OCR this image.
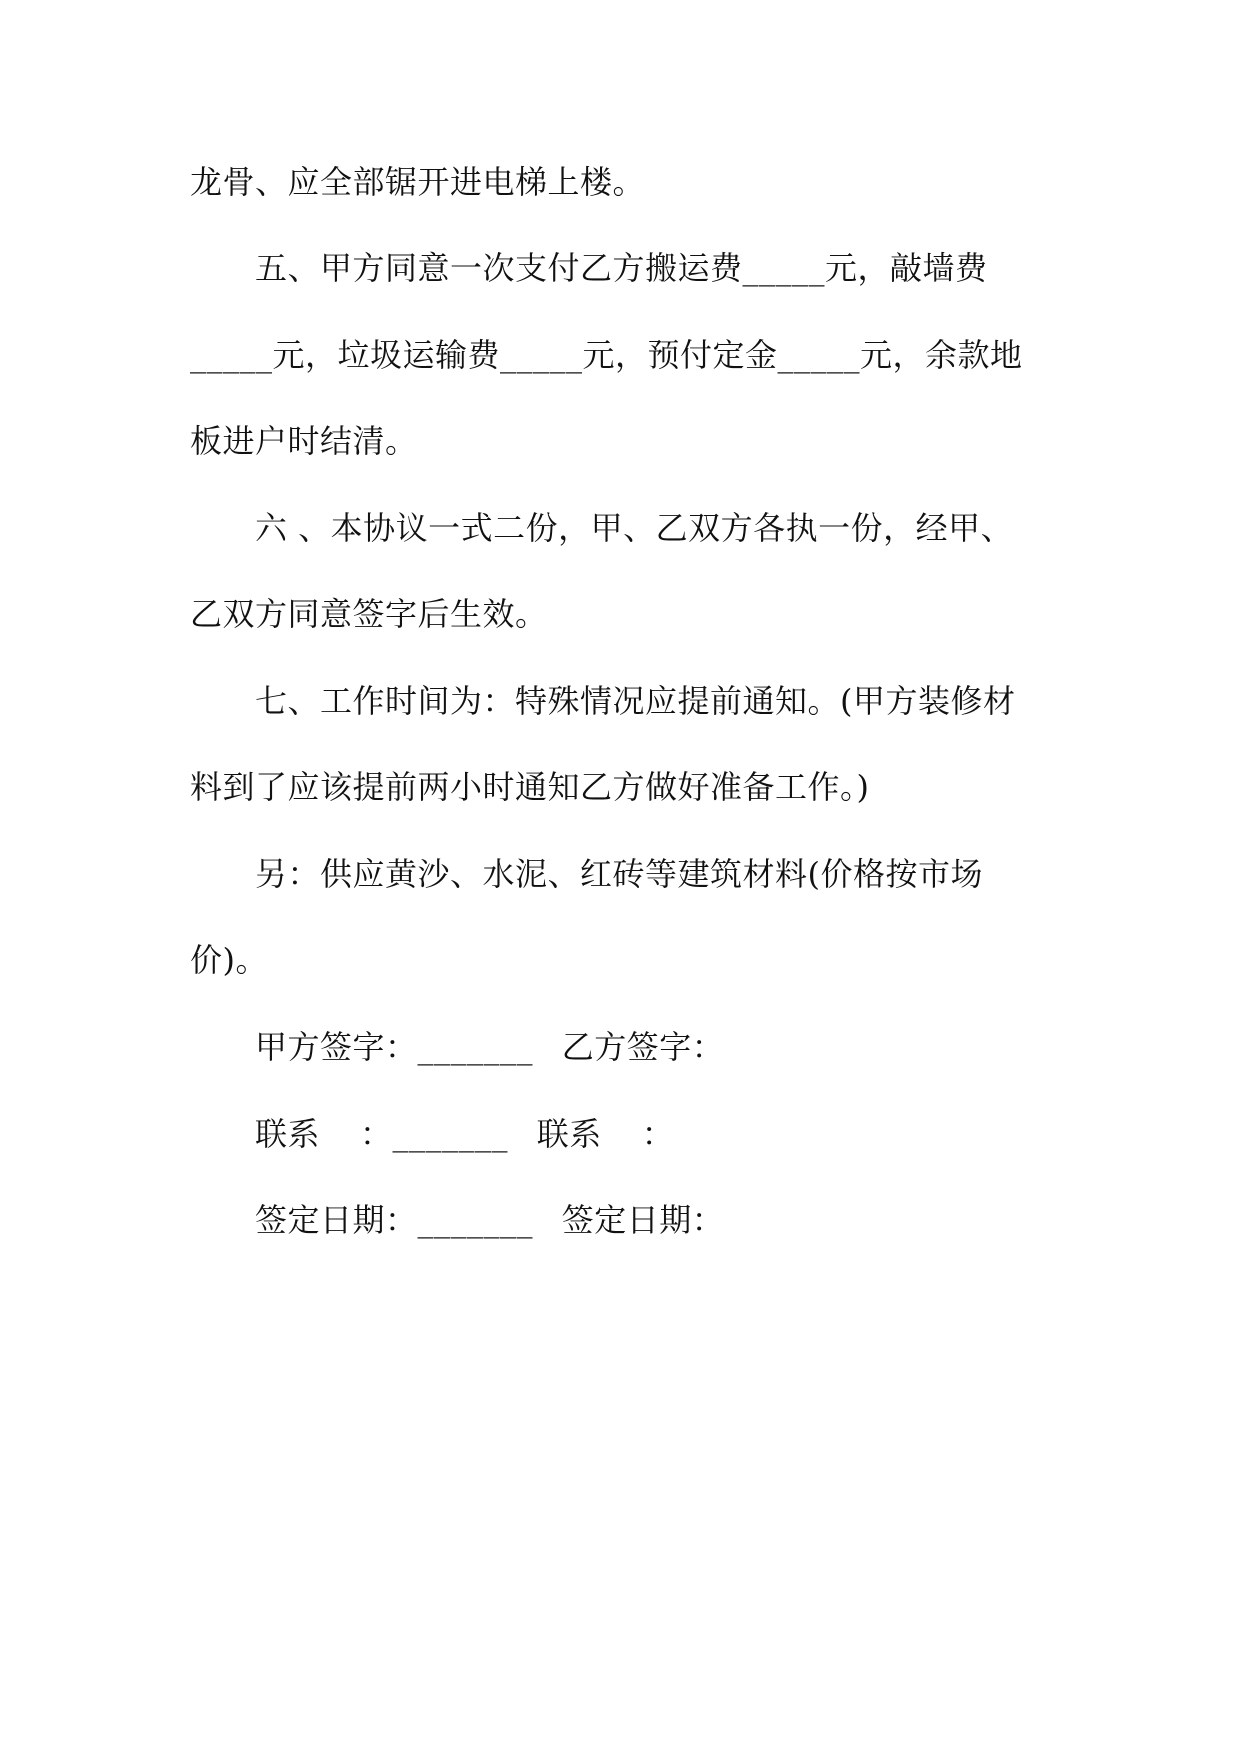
龙骨、应全部锯开进电梯上楼。
五、甲方同意一次支付乙方搬运费_____元，敲墙费
_____元，垃圾运输费_____元，预付定金_____元，余款地
板进户时结清。
六 、本协议一式二份，甲、乙双方各执一份，经甲、
乙双方同意签字后生效。
七、工作时间为：特殊情况应提前通知。(甲方装修材
料到了应该提前两小时通知乙方做好准备工作。)
另：供应黄沙、水泥、红砖等建筑材料(价格按市场
价)。
甲方签字：_______ 乙方签字：
联系 ：_______ 联系 ：
签定日期：_______ 签定日期：
